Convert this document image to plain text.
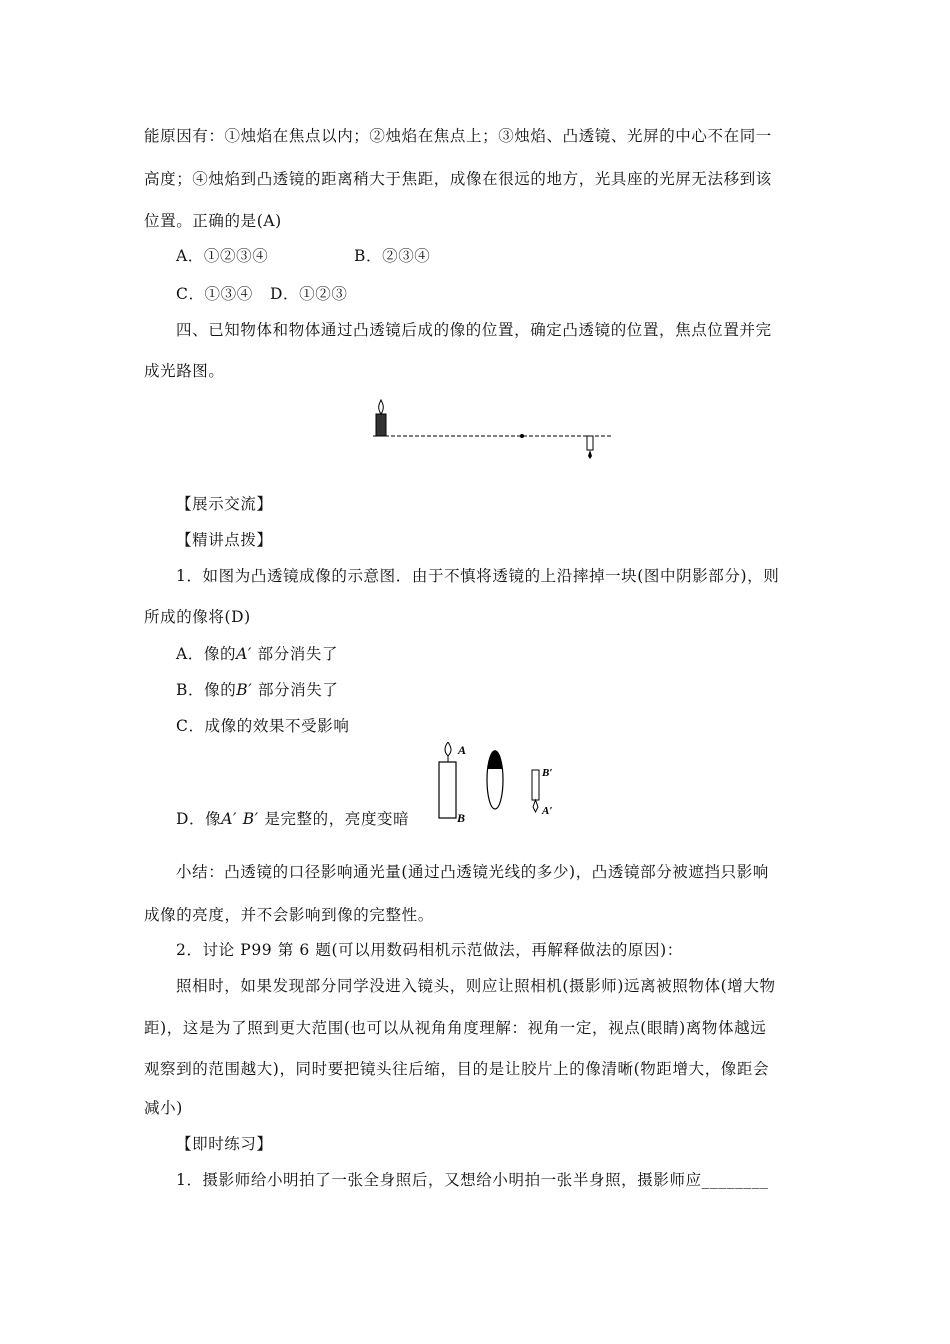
能原因有：①烛焰在焦点以内；②烛焰在焦点上；③烛焰、凸透镜、光屏的中心不在同一
高度；④烛焰到凸透镜的距离稍大于焦距，成像在很远的地方，光具座的光屏无法移到该
位置。正确的是(A)
A．①②③④	B．②③④
C．①③④ D．①②③
四、已知物体和物体通过凸透镜后成的像的位置，确定凸透镜的位置，焦点位置并完
成光路图。
【展示交流】
【精讲点拨】
1．如图为凸透镜成像的示意图．由于不慎将透镜的上沿摔掉一块(图中阴影部分)，则
所成的像将(D)
A．像的A′ 部分消失了
B．像的B′ 部分消失了
C．成像的效果不受影响
D．像A′ B′ 是完整的，亮度变暗
A
B
B′
A′
小结：凸透镜的口径影响通光量(通过凸透镜光线的多少)，凸透镜部分被遮挡只影响
成像的亮度，并不会影响到像的完整性。
2．讨论 P99 第 6 题(可以用数码相机示范做法，再解释做法的原因)：
照相时，如果发现部分同学没进入镜头，则应让照相机(摄影师)远离被照物体(增大物
距)，这是为了照到更大范围(也可以从视角角度理解：视角一定，视点(眼睛)离物体越远
观察到的范围越大)，同时要把镜头往后缩，目的是让胶片上的像清晰(物距增大，像距会
减小)
【即时练习】
1．摄影师给小明拍了一张全身照后，又想给小明拍一张半身照，摄影师应________
